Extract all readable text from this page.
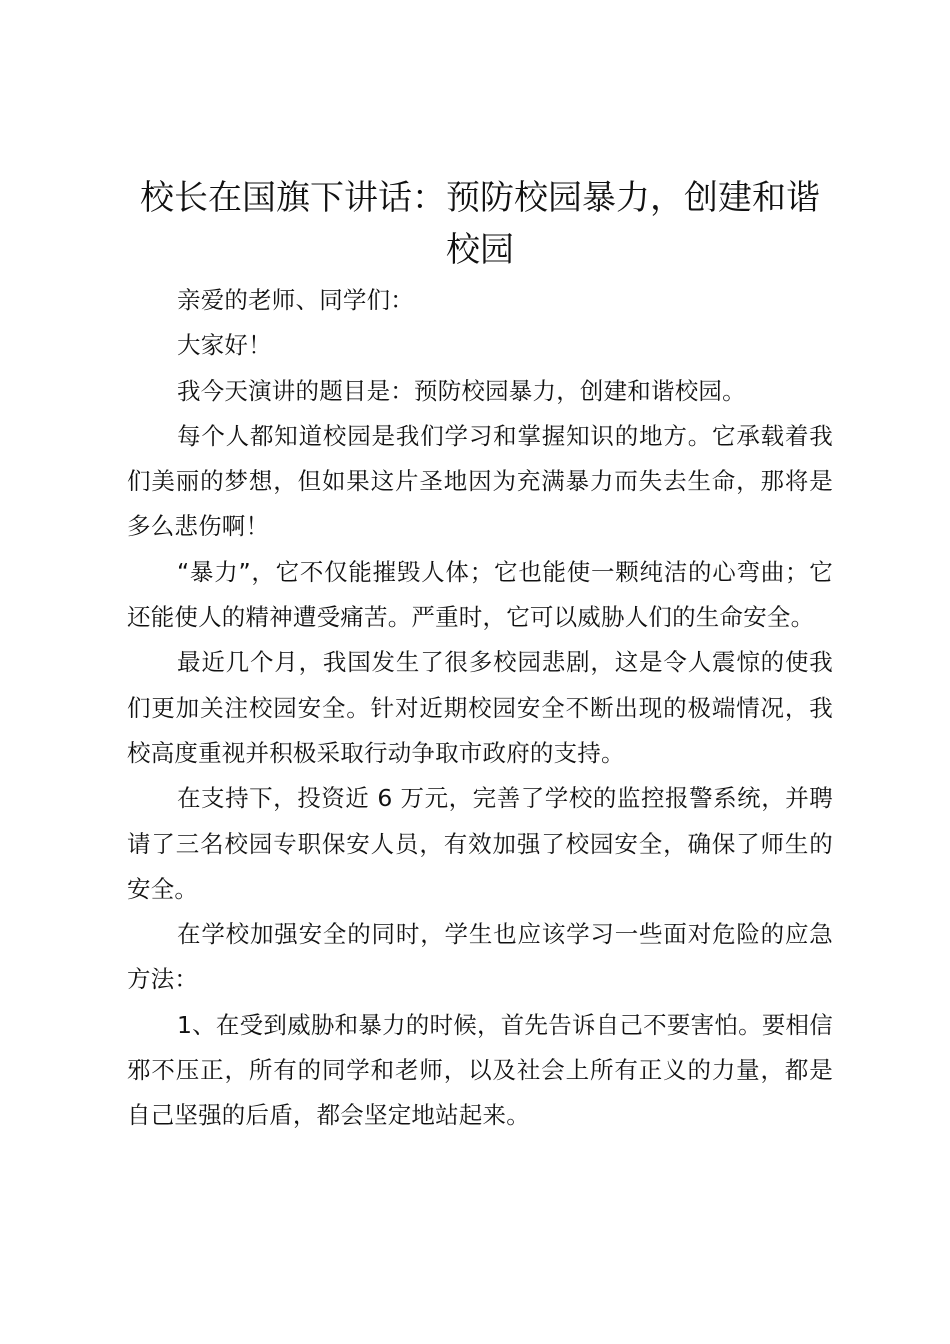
校长在国旗下讲话：预防校园暴力，创建和谐校园

亲爱的老师、同学们：

大家好！

我今天演讲的题目是：预防校园暴力，创建和谐校园。

每个人都知道校园是我们学习和掌握知识的地方。它承载着我们美丽的梦想，但如果这片圣地因为充满暴力而失去生命，那将是多么悲伤啊！

“暴力”，它不仅能摧毁人体；它也能使一颗纯洁的心弯曲；它还能使人的精神遭受痛苦。严重时，它可以威胁人们的生命安全。

最近几个月，我国发生了很多校园悲剧，这是令人震惊的使我们更加关注校园安全。针对近期校园安全不断出现的极端情况，我校高度重视并积极采取行动争取市政府的支持。

在支持下，投资近 6 万元，完善了学校的监控报警系统，并聘请了三名校园专职保安人员，有效加强了校园安全，确保了师生的安全。

在学校加强安全的同时，学生也应该学习一些面对危险的应急方法：

1、在受到威胁和暴力的时候，首先告诉自己不要害怕。要相信邪不压正，所有的同学和老师，以及社会上所有正义的力量，都是自己坚强的后盾，都会坚定地站起来。
